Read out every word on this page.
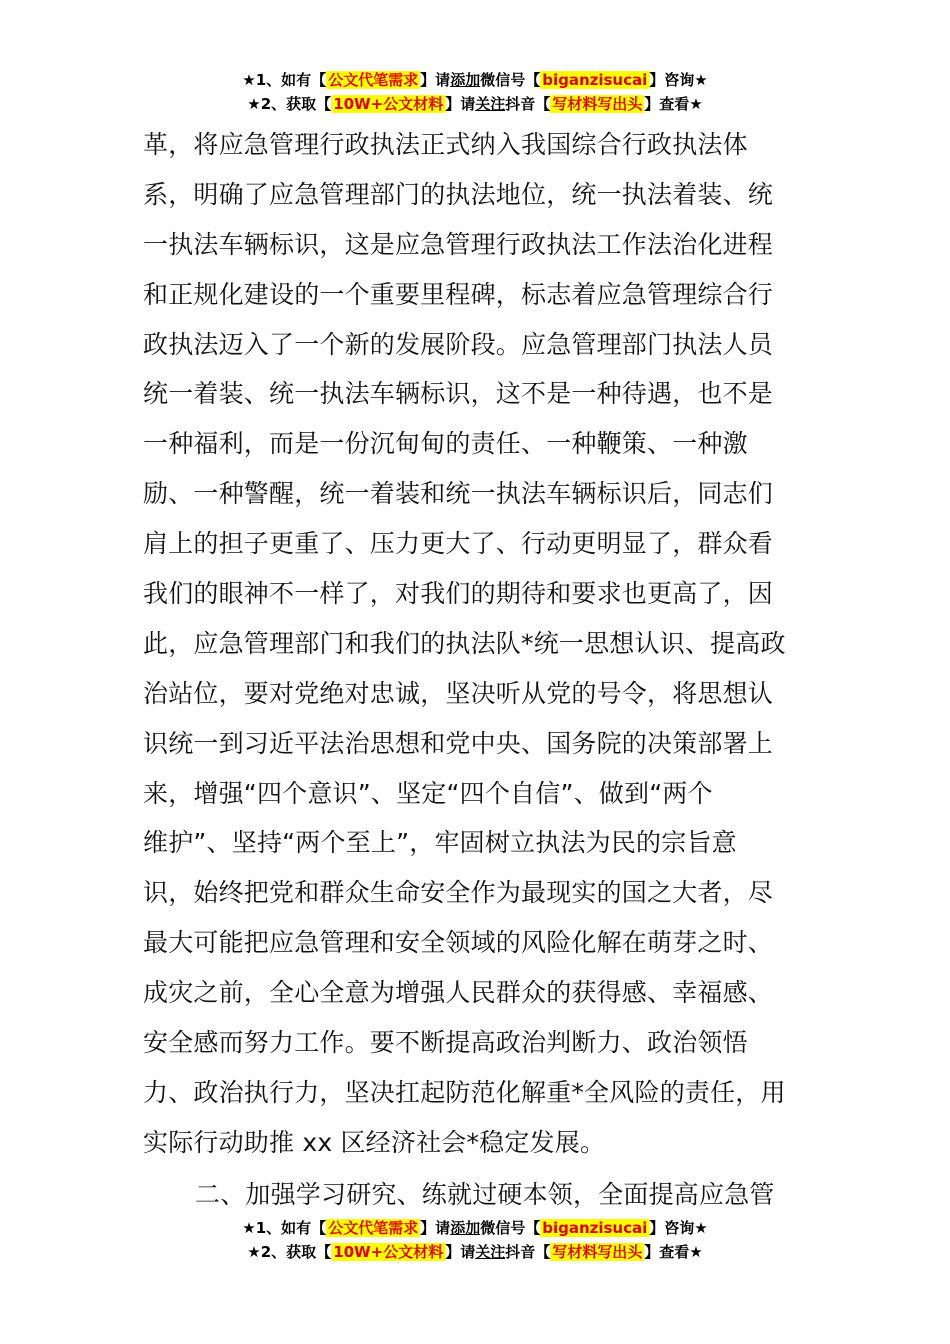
★1、如有【 公文代笔需求 】请添加微信号【 biganzisucai 】咨询★
★2、获取【 10W+公文材料 】请关注抖音【 写材料写出头 】查看★
革，将应急管理行政执法正式纳入我国综合行政执法体
系，明确了应急管理部门的执法地位，统一执法着装、统
一执法车辆标识，这是应急管理行政执法工作法治化进程
和正规化建设的一个重要里程碑，标志着应急管理综合行
政执法迈入了一个新的发展阶段。应急管理部门执法人员
统一着装、统一执法车辆标识，这不是一种待遇，也不是
一种福利，而是一份沉甸甸的责任、一种鞭策、一种激
励、一种警醒，统一着装和统一执法车辆标识后，同志们
肩上的担子更重了、压力更大了、行动更明显了，群众看
我们的眼神不一样了，对我们的期待和要求也更高了，因
此，应急管理部门和我们的执法队*统一思想认识、提高政
治站位，要对党绝对忠诚，坚决听从党的号令，将思想认
识统一到习近平法治思想和党中央、国务院的决策部署上
来，增强“四个意识”、坚定“四个自信”、做到“两个
维护”、坚持“两个至上”，牢固树立执法为民的宗旨意
识，始终把党和群众生命安全作为最现实的国之大者，尽
最大可能把应急管理和安全领域的风险化解在萌芽之时、
成灾之前，全心全意为增强人民群众的获得感、幸福感、
安全感而努力工作。要不断提高政治判断力、政治领悟
力、政治执行力，坚决扛起防范化解重*全风险的责任，用
实际行动助推 xx 区经济社会*稳定发展。
二、加强学习研究、练就过硬本领，全面提高应急管
★1、如有【 公文代笔需求 】请添加微信号【 biganzisucai 】咨询★
★2、获取【 10W+公文材料 】请关注抖音【 写材料写出头 】查看★
